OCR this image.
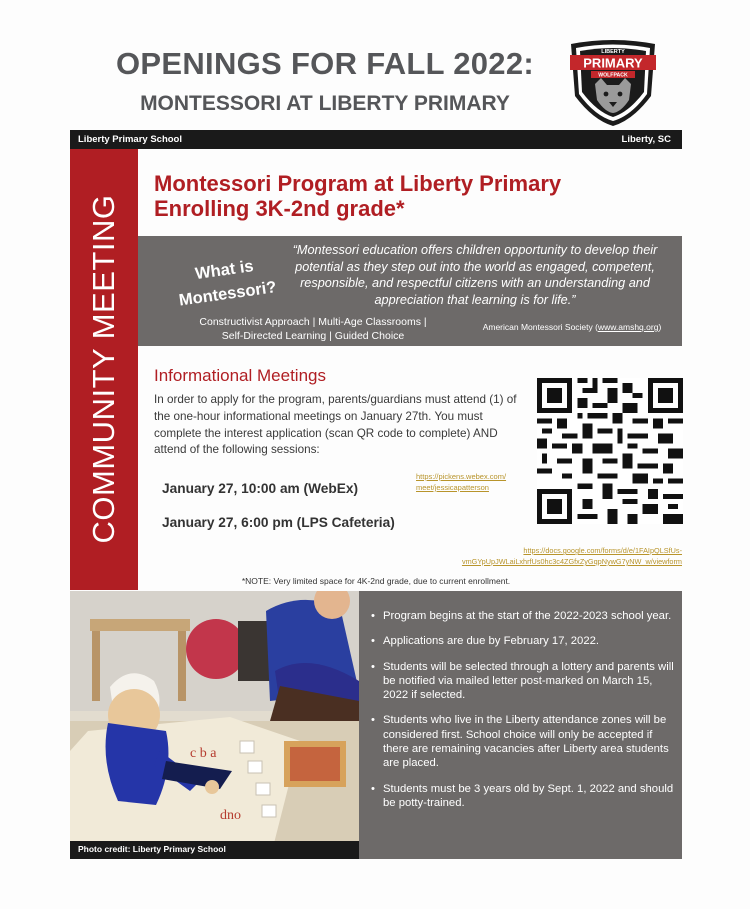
OPENINGS FOR FALL 2022:
MONTESSORI AT LIBERTY PRIMARY
LIBERTY
PRIMARY
WOLFPACK
Liberty Primary School	Liberty, SC
COMMUNITY MEETING
Montessori Program at Liberty Primary
Enrolling 3K-2nd grade*
What is
Montessori?
“Montessori education offers children opportunity to develop their potential as they step out into the world as engaged, competent, responsible, and respectful citizens with an understanding and appreciation that learning is for life.”
Constructivist Approach | Multi-Age Classrooms |
Self-Directed Learning | Guided Choice
American Montessori Society (www.amshq.org)
Informational Meetings
In order to apply for the program, parents/guardians must attend (1) of the one-hour informational meetings on January 27th. You must complete the interest application (scan QR code to complete) AND attend of the following sessions:
January 27, 10:00 am (WebEx)
January 27, 6:00 pm (LPS Cafeteria)
https://pickens.webex.com/
meet/jessicapatterson
https://docs.google.com/forms/d/e/1FAIpQLSfUs-
vmGYpUpJWLaiLxhrfUs0hc3c4ZGfxZyGqpNywG7yNW_w/viewform
*NOTE: Very limited space for 4K-2nd grade, due to current enrollment.
c b a
dno
Photo credit: Liberty Primary School
• Program begins at the start of the 2022-2023 school year.
• Applications are due by February 17, 2022.
• Students will be selected through a lottery and parents will be notified via mailed letter post-marked on March 15, 2022 if selected.
• Students who live in the Liberty attendance zones will be considered first. School choice will only be accepted if there are remaining vacancies after Liberty area students are placed.
• Students must be 3 years old by Sept. 1, 2022 and should be potty-trained.
